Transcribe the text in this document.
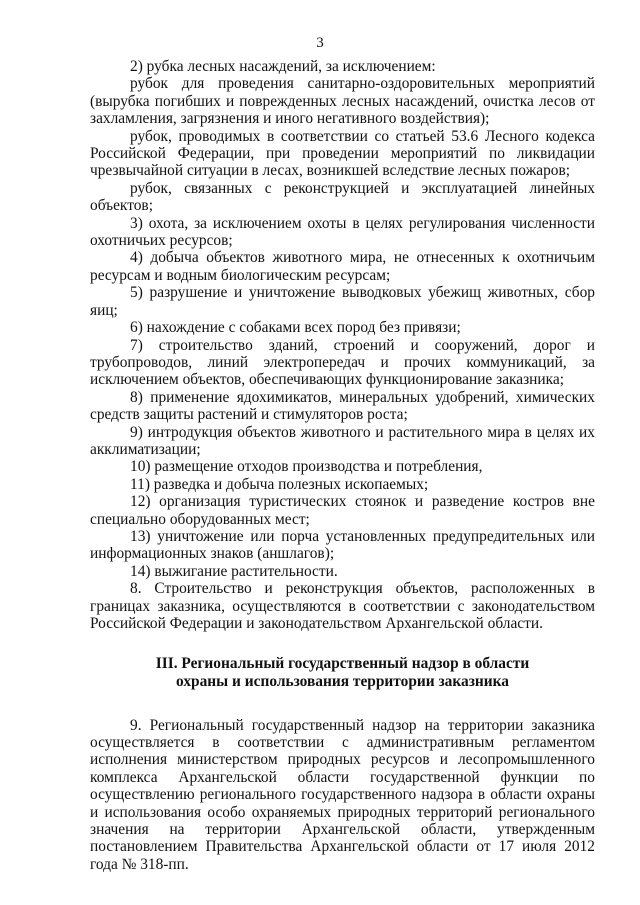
3

2) рубка лесных насаждений, за исключением:

рубок для проведения санитарно-оздоровительных мероприятий (вырубка погибших и поврежденных лесных насаждений, очистка лесов от захламления, загрязнения и иного негативного воздействия);

рубок, проводимых в соответствии со статьей 53.6 Лесного кодекса Российской Федерации, при проведении мероприятий по ликвидации чрезвычайной ситуации в лесах, возникшей вследствие лесных пожаров;

рубок, связанных с реконструкцией и эксплуатацией линейных объектов;

3) охота, за исключением охоты в целях регулирования численности охотничьих ресурсов;

4) добыча объектов животного мира, не отнесенных к охотничьим ресурсам и водным биологическим ресурсам;

5) разрушение и уничтожение выводковых убежищ животных, сбор яиц;

6) нахождение с собаками всех пород без привязи;

7) строительство зданий, строений и сооружений, дорог и трубопроводов, линий электропередач и прочих коммуникаций, за исключением объектов, обеспечивающих функционирование заказника;

8) применение ядохимикатов, минеральных удобрений, химических средств защиты растений и стимуляторов роста;

9) интродукция объектов животного и растительного мира в целях их акклиматизации;

10) размещение отходов производства и потребления,

11) разведка и добыча полезных ископаемых;

12) организация туристических стоянок и разведение костров вне специально оборудованных мест;

13) уничтожение или порча установленных предупредительных или информационных знаков (аншлагов);

14) выжигание растительности.

8. Строительство и реконструкция объектов, расположенных в границах заказника, осуществляются в соответствии с законодательством Российской Федерации и законодательством Архангельской области.

III. Региональный государственный надзор в области
охраны и использования территории заказника

9. Региональный государственный надзор на территории заказника осуществляется в соответствии с административным регламентом исполнения министерством природных ресурсов и лесопромышленного комплекса Архангельской области государственной функции по осуществлению регионального государственного надзора в области охраны и использования особо охраняемых природных территорий регионального значения на территории Архангельской области, утвержденным постановлением Правительства Архангельской области от 17 июля 2012 года № 318-пп.
